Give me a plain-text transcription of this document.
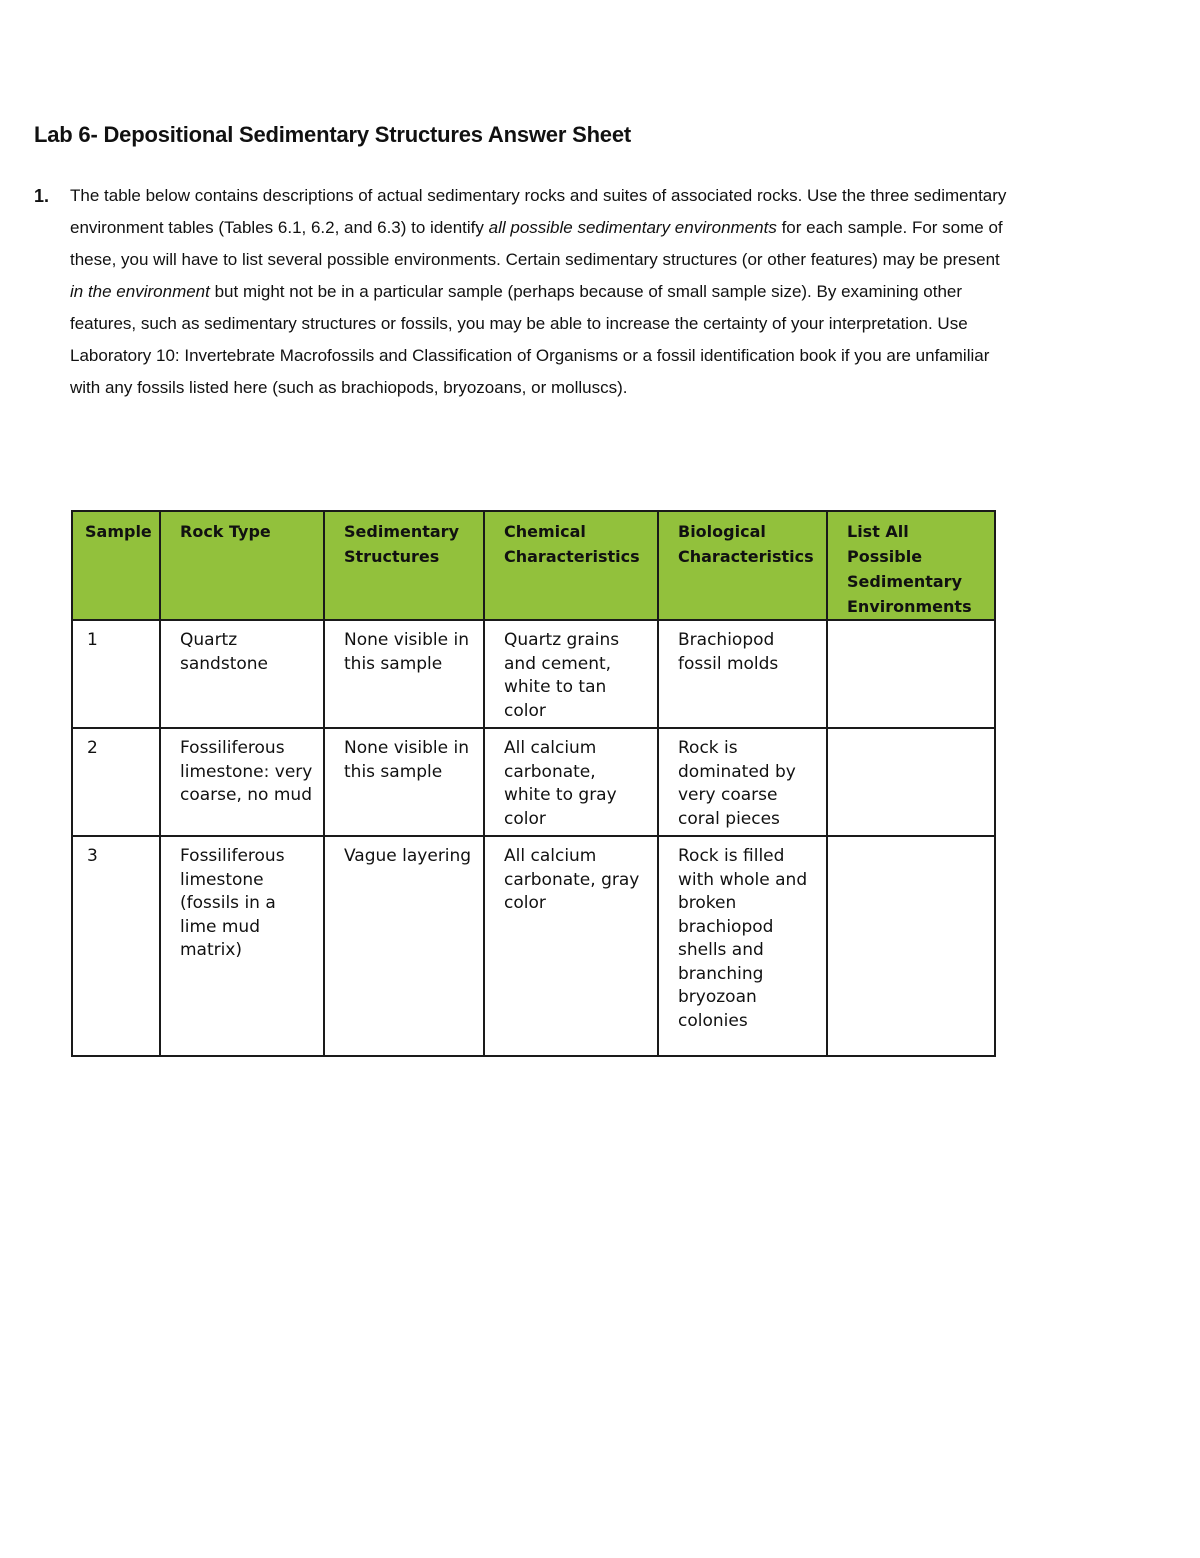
Lab 6- Depositional Sedimentary Structures Answer Sheet
1. The table below contains descriptions of actual sedimentary rocks and suites of associated rocks. Use the three sedimentary environment tables (Tables 6.1, 6.2, and 6.3) to identify all possible sedimentary environments for each sample. For some of these, you will have to list several possible environments. Certain sedimentary structures (or other features) may be present in the environment but might not be in a particular sample (perhaps because of small sample size). By examining other features, such as sedimentary structures or fossils, you may be able to increase the certainty of your interpretation. Use Laboratory 10: Invertebrate Macrofossils and Classification of Organisms or a fossil identification book if you are unfamiliar with any fossils listed here (such as brachiopods, bryozoans, or molluscs).
Sample	Rock Type	Sedimentary Structures	Chemical Characteristics	Biological Characteristics	List All Possible Sedimentary Environments
1	Quartz sandstone	None visible in this sample	Quartz grains and cement, white to tan color	Brachiopod fossil molds	
2	Fossiliferous limestone: very coarse, no mud	None visible in this sample	All calcium carbonate, white to gray color	Rock is dominated by very coarse coral pieces	
3	Fossiliferous limestone (fossils in a lime mud matrix)	Vague layering	All calcium carbonate, gray color	Rock is filled with whole and broken brachiopod shells and branching bryozoan colonies	
